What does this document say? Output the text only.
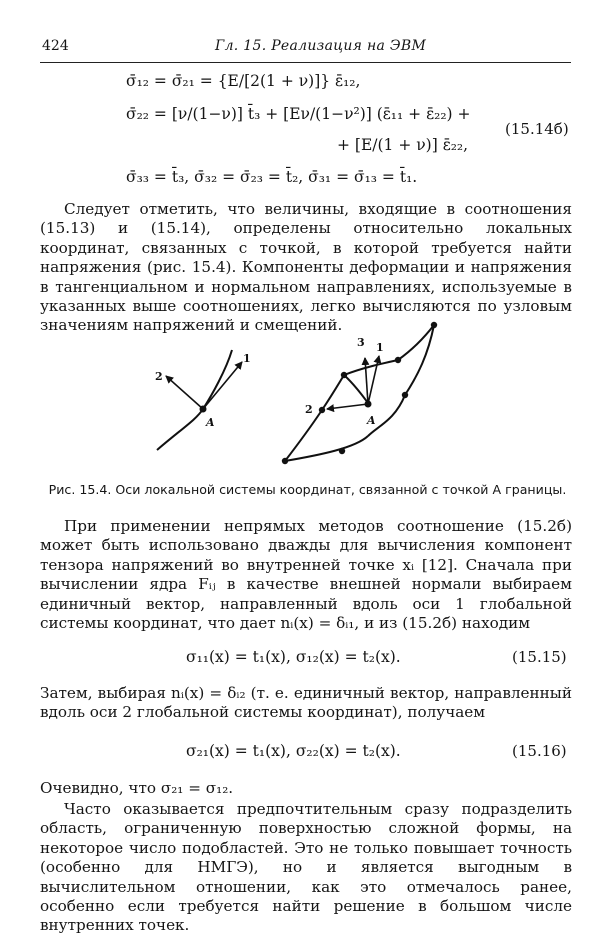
424	Гл. 15. Реализация на ЭВМ
σ̄₁₂ = σ̄₂₁ = {E/[2(1 + ν)]} ε̄₁₂,
σ̄₂₂ = [ν/(1−ν)] t̄₃ + [Eν/(1−ν²)] (ε̄₁₁ + ε̄₂₂) +
+ [E/(1 + ν)] ε̄₂₂,
(15.14б)
σ̄₃₃ = t̄₃, σ̄₃₂ = σ̄₂₃ = t̄₂, σ̄₃₁ = σ̄₁₃ = t̄₁.

Следует отметить, что величины, входящие в соотношения (15.13) и (15.14), определены относительно локальных координат, связанных с точкой, в которой требуется найти напряжения (рис. 15.4). Компоненты деформации и напряжения в тангенциальном и нормальном направлениях, используемые в указанных выше соотношениях, легко вычисляются по узловым значениям напряжений и смещений.

2
1
A
2
3 1
A
Рис. 15.4. Оси локальной системы координат, связанной с точкой A границы.

При применении непрямых методов соотношение (15.2б) может быть использовано дважды для вычисления компонент тензора напряжений во внутренней точке xᵢ [12]. Сначала при вычислении ядра Fᵢⱼ в качестве внешней нормали выбираем единичный вектор, направленный вдоль оси 1 глобальной системы координат, что дает nᵢ(x) = δᵢ₁, и из (15.2б) находим

σ₁₁(x) = t₁(x), σ₁₂(x) = t₂(x).	(15.15)

Затем, выбирая nᵢ(x) = δᵢ₂ (т. е. единичный вектор, направленный вдоль оси 2 глобальной системы координат), получаем

σ₂₁(x) = t₁(x), σ₂₂(x) = t₂(x).	(15.16)

Очевидно, что σ₂₁ = σ₁₂.

Часто оказывается предпочтительным сразу подразделить область, ограниченную поверхностью сложной формы, на некоторое число подобластей. Это не только повышает точность (особенно для НМГЭ), но и является выгодным в вычислительном отношении, как это отмечалось ранее, особенно если требуется найти решение в большом числе внутренних точек.
